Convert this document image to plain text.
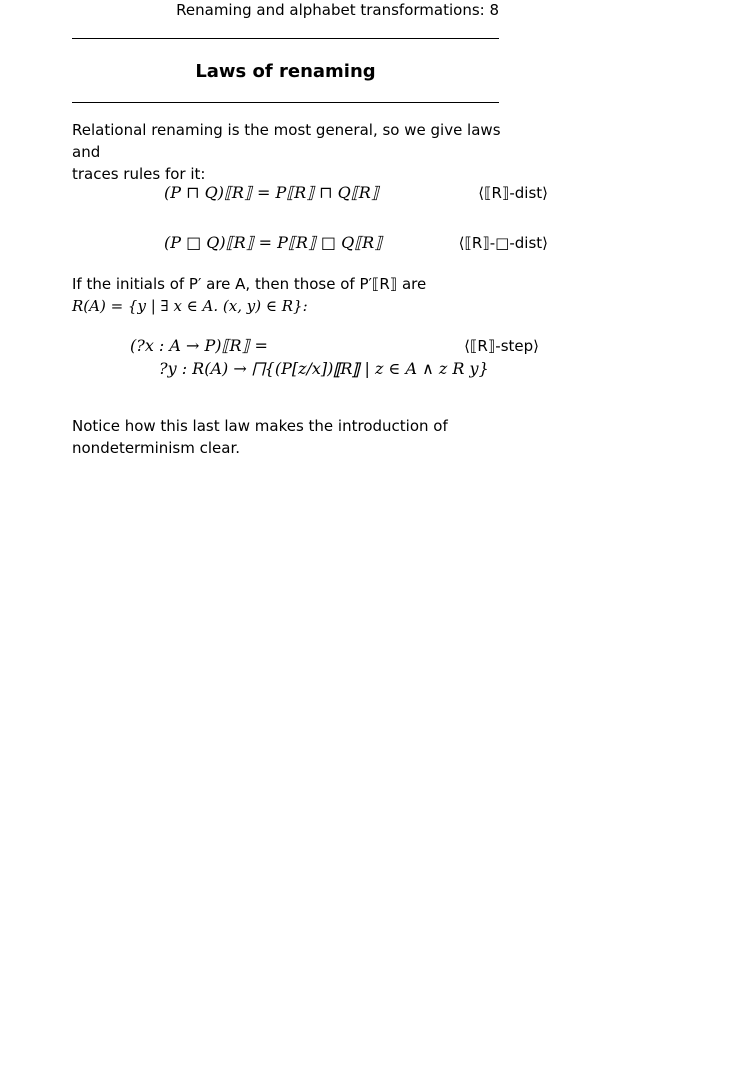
Renaming and alphabet transformations: 8
Laws of renaming

Relational renaming is the most general, so we give laws and
traces rules for it:

(P ⊓ Q)⟦R⟧ = P⟦R⟧ ⊓ Q⟦R⟧	⟨⟦R⟧-dist⟩
(P □ Q)⟦R⟧ = P⟦R⟧ □ Q⟦R⟧	⟨⟦R⟧-□-dist⟩

If the initials of P′ are A, then those of P′⟦R⟧ are
R(A) = {y | ∃ x ∈ A. (x, y) ∈ R}:

(?x : A → P)⟦R⟧ =	⟨⟦R⟧-step⟩
?y : R(A) → ⨅{(P[z/x])⟦R⟧ | z ∈ A ∧ z R y}

Notice how this last law makes the introduction of
nondeterminism clear.
